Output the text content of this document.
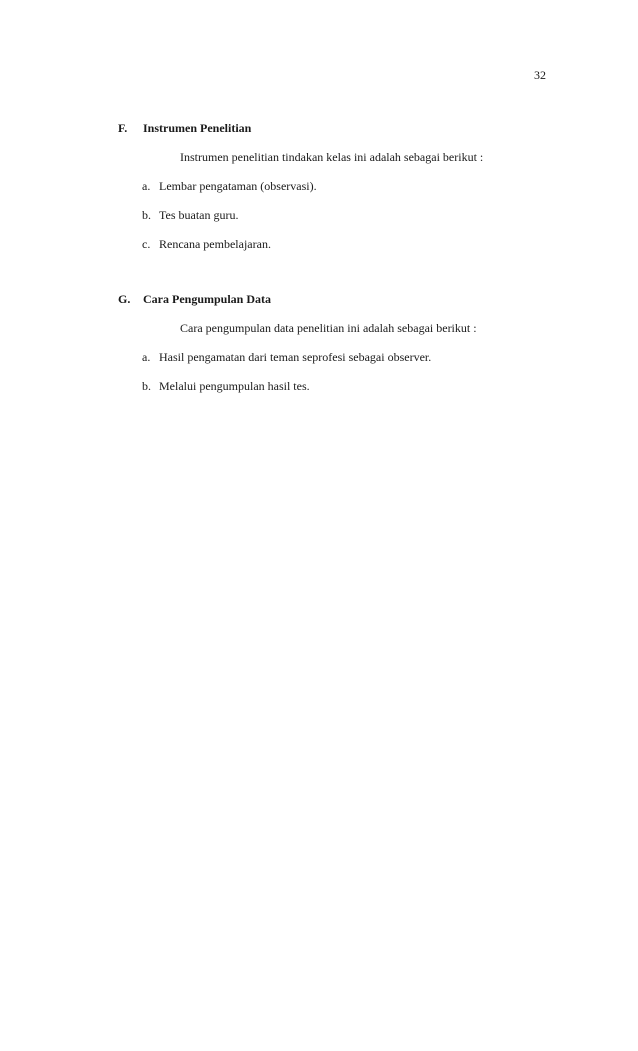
32
F.	Instrumen Penelitian

Instrumen penelitian tindakan kelas ini adalah sebagai berikut :

a. Lembar pengataman (observasi).
b. Tes buatan guru.
c. Rencana pembelajaran.
G.	Cara Pengumpulan Data

Cara pengumpulan data penelitian ini adalah sebagai berikut :

a. Hasil pengamatan dari teman seprofesi sebagai observer.
b. Melalui pengumpulan hasil tes.
